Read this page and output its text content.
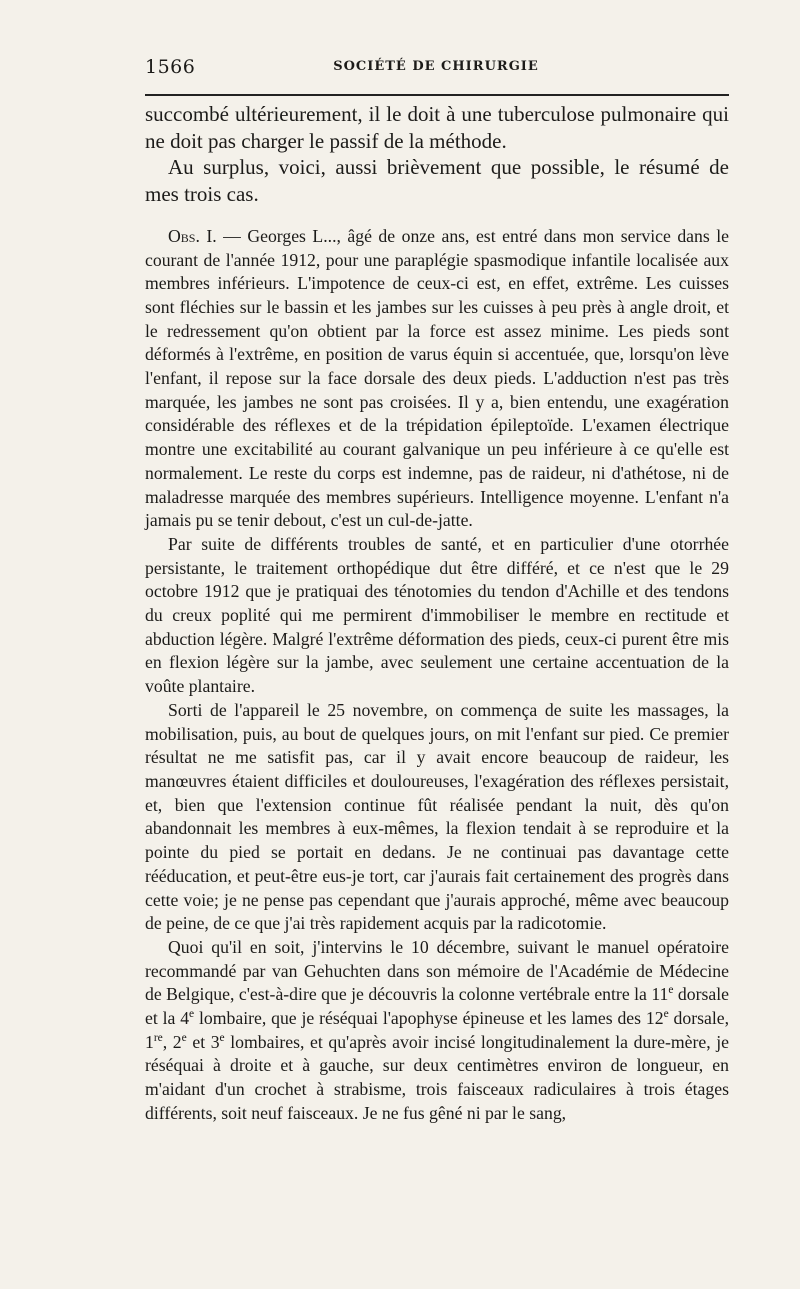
1566	SOCIÉTÉ DE CHIRURGIE

succombé ultérieurement, il le doit à une tuberculose pulmonaire qui ne doit pas charger le passif de la méthode.

Au surplus, voici, aussi brièvement que possible, le résumé de mes trois cas.

Obs. I. — Georges L..., âgé de onze ans, est entré dans mon service dans le courant de l'année 1912, pour une paraplégie spasmodique infantile localisée aux membres inférieurs. L'impotence de ceux-ci est, en effet, extrême. Les cuisses sont fléchies sur le bassin et les jambes sur les cuisses à peu près à angle droit, et le redressement qu'on obtient par la force est assez minime. Les pieds sont déformés à l'extrême, en position de varus équin si accentuée, que, lorsqu'on lève l'enfant, il repose sur la face dorsale des deux pieds. L'adduction n'est pas très marquée, les jambes ne sont pas croisées. Il y a, bien entendu, une exagération considérable des réflexes et de la trépidation épileptoïde. L'examen électrique montre une excitabilité au courant galvanique un peu inférieure à ce qu'elle est normalement. Le reste du corps est indemne, pas de raideur, ni d'athétose, ni de maladresse marquée des membres supérieurs. Intelligence moyenne. L'enfant n'a jamais pu se tenir debout, c'est un cul-de-jatte.

Par suite de différents troubles de santé, et en particulier d'une otorrhée persistante, le traitement orthopédique dut être différé, et ce n'est que le 29 octobre 1912 que je pratiquai des ténotomies du tendon d'Achille et des tendons du creux poplité qui me permirent d'immobiliser le membre en rectitude et abduction légère. Malgré l'extrême déformation des pieds, ceux-ci purent être mis en flexion légère sur la jambe, avec seulement une certaine accentuation de la voûte plantaire.

Sorti de l'appareil le 25 novembre, on commença de suite les massages, la mobilisation, puis, au bout de quelques jours, on mit l'enfant sur pied. Ce premier résultat ne me satisfit pas, car il y avait encore beaucoup de raideur, les manœuvres étaient difficiles et douloureuses, l'exagération des réflexes persistait, et, bien que l'extension continue fût réalisée pendant la nuit, dès qu'on abandonnait les membres à eux-mêmes, la flexion tendait à se reproduire et la pointe du pied se portait en dedans. Je ne continuai pas davantage cette rééducation, et peut-être eus-je tort, car j'aurais fait certainement des progrès dans cette voie; je ne pense pas cependant que j'aurais approché, même avec beaucoup de peine, de ce que j'ai très rapidement acquis par la radicotomie.

Quoi qu'il en soit, j'intervins le 10 décembre, suivant le manuel opératoire recommandé par van Gehuchten dans son mémoire de l'Académie de Médecine de Belgique, c'est-à-dire que je découvris la colonne vertébrale entre la 11e dorsale et la 4e lombaire, que je réséquai l'apophyse épineuse et les lames des 12e dorsale, 1re, 2e et 3e lombaires, et qu'après avoir incisé longitudinalement la dure-mère, je réséquai à droite et à gauche, sur deux centimètres environ de longueur, en m'aidant d'un crochet à strabisme, trois faisceaux radiculaires à trois étages différents, soit neuf faisceaux. Je ne fus gêné ni par le sang,
